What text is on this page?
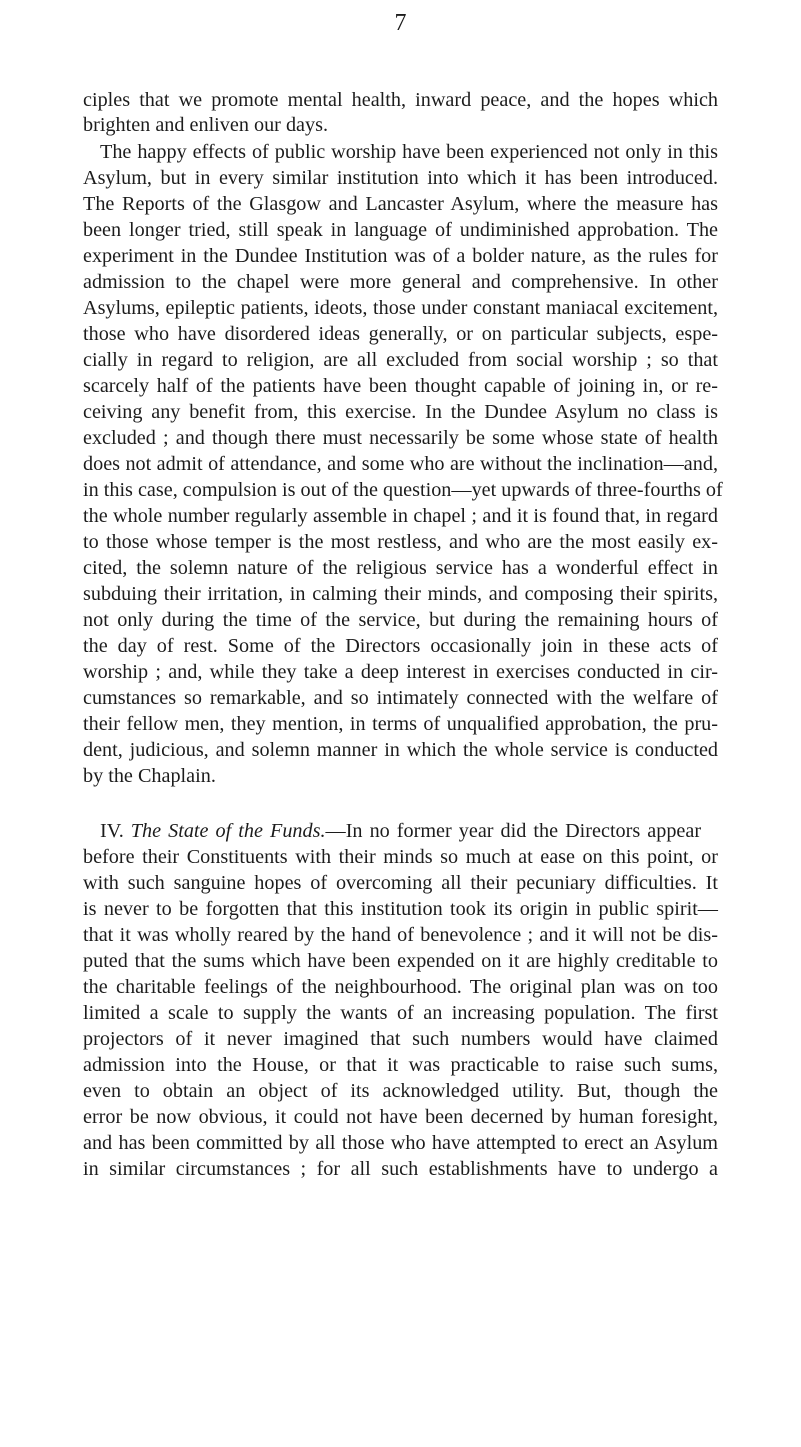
7

ciples that we promote mental health, inward peace, and the hopes which

brighten and enliven our days.

The happy effects of public worship have been experienced not only in this

Asylum, but in every similar institution into which it has been introduced.

The Reports of the Glasgow and Lancaster Asylum, where the measure has

been longer tried, still speak in language of undiminished approbation. The

experiment in the Dundee Institution was of a bolder nature, as the rules for

admission to the chapel were more general and comprehensive. In other

Asylums, epileptic patients, ideots, those under constant maniacal excitement,

those who have disordered ideas generally, or on particular subjects, espe-

cially in regard to religion, are all excluded from social worship ; so that

scarcely half of the patients have been thought capable of joining in, or re-

ceiving any benefit from, this exercise. In the Dundee Asylum no class is

excluded ; and though there must necessarily be some whose state of health

does not admit of attendance, and some who are without the inclination—and,

in this case, compulsion is out of the question—yet upwards of three-fourths of

the whole number regularly assemble in chapel ; and it is found that, in regard

to those whose temper is the most restless, and who are the most easily ex-

cited, the solemn nature of the religious service has a wonderful effect in

subduing their irritation, in calming their minds, and composing their spirits,

not only during the time of the service, but during the remaining hours of

the day of rest. Some of the Directors occasionally join in these acts of

worship ; and, while they take a deep interest in exercises conducted in cir-

cumstances so remarkable, and so intimately connected with the welfare of

their fellow men, they mention, in terms of unqualified approbation, the pru-

dent, judicious, and solemn manner in which the whole service is conducted

by the Chaplain.

IV. The State of the Funds.—In no former year did the Directors appear

before their Constituents with their minds so much at ease on this point, or

with such sanguine hopes of overcoming all their pecuniary difficulties. It

is never to be forgotten that this institution took its origin in public spirit—

that it was wholly reared by the hand of benevolence ; and it will not be dis-

puted that the sums which have been expended on it are highly creditable to

the charitable feelings of the neighbourhood. The original plan was on too

limited a scale to supply the wants of an increasing population. The first

projectors of it never imagined that such numbers would have claimed

admission into the House, or that it was practicable to raise such sums,

even to obtain an object of its acknowledged utility. But, though the

error be now obvious, it could not have been decerned by human foresight,

and has been committed by all those who have attempted to erect an Asylum

in similar circumstances ; for all such establishments have to undergo a
